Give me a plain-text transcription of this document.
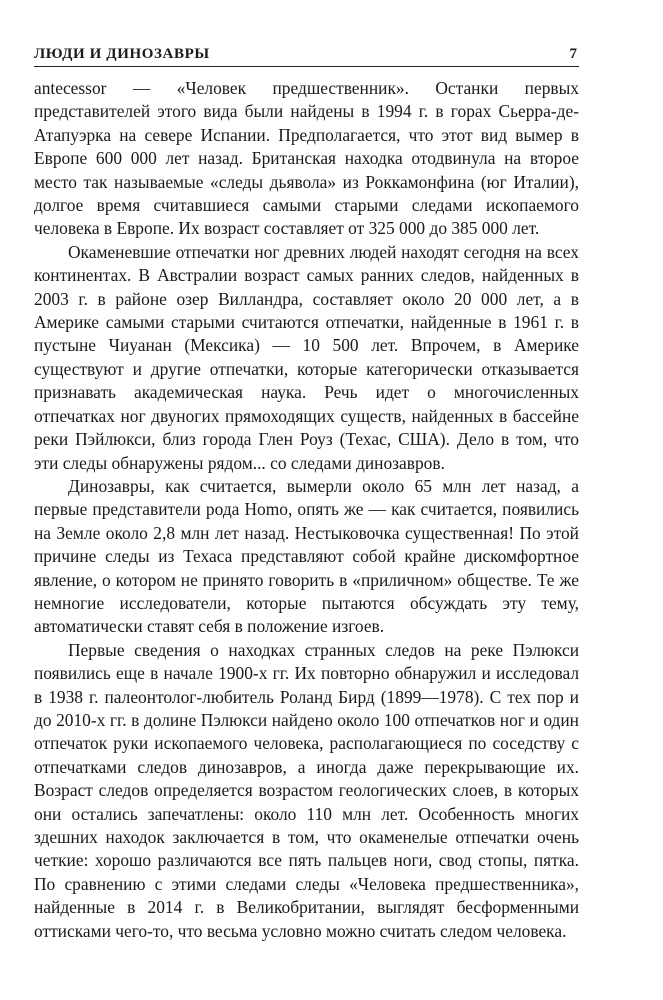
ЛЮДИ И ДИНОЗАВРЫ	7

antecessor — «Человек предшественник». Останки первых представителей этого вида были найдены в 1994 г. в горах Сьерра-де-Атапуэрка на севере Испании. Предполагается, что этот вид вымер в Европе 600 000 лет назад. Британская находка отодвинула на второе место так называемые «следы дьявола» из Роккамонфина (юг Италии), долгое время считавшиеся самыми старыми следами ископаемого человека в Европе. Их возраст составляет от 325 000 до 385 000 лет.

Окаменевшие отпечатки ног древних людей находят сегодня на всех континентах. В Австралии возраст самых ранних следов, найденных в 2003 г. в районе озер Вилландра, составляет около 20 000 лет, а в Америке самыми старыми считаются отпечатки, найденные в 1961 г. в пустыне Чиуанан (Мексика) — 10 500 лет. Впрочем, в Америке существуют и другие отпечатки, которые категорически отказывается признавать академическая наука. Речь идет о многочисленных отпечатках ног двуногих прямоходящих существ, найденных в бассейне реки Пэйлюкси, близ города Глен Роуз (Техас, США). Дело в том, что эти следы обнаружены рядом... со следами динозавров.

Динозавры, как считается, вымерли около 65 млн лет назад, а первые представители рода Homo, опять же — как считается, появились на Земле около 2,8 млн лет назад. Нестыковочка существенная! По этой причине следы из Техаса представляют собой крайне дискомфортное явление, о котором не принято говорить в «приличном» обществе. Те же немногие исследователи, которые пытаются обсуждать эту тему, автоматически ставят себя в положение изгоев.

Первые сведения о находках странных следов на реке Пэлюкси появились еще в начале 1900-х гг. Их повторно обнаружил и исследовал в 1938 г. палеонтолог-любитель Роланд Бирд (1899—1978). С тех пор и до 2010-х гг. в долине Пэлюкси найдено около 100 отпечатков ног и один отпечаток руки ископаемого человека, располагающиеся по соседству с отпечатками следов динозавров, а иногда даже перекрывающие их. Возраст следов определяется возрастом геологических слоев, в которых они остались запечатлены: около 110 млн лет. Особенность многих здешних находок заключается в том, что окаменелые отпечатки очень четкие: хорошо различаются все пять пальцев ноги, свод стопы, пятка. По сравнению с этими следами следы «Человека предшественника», найденные в 2014 г. в Великобритании, выглядят бесформенными оттисками чего-то, что весьма условно можно считать следом человека.
